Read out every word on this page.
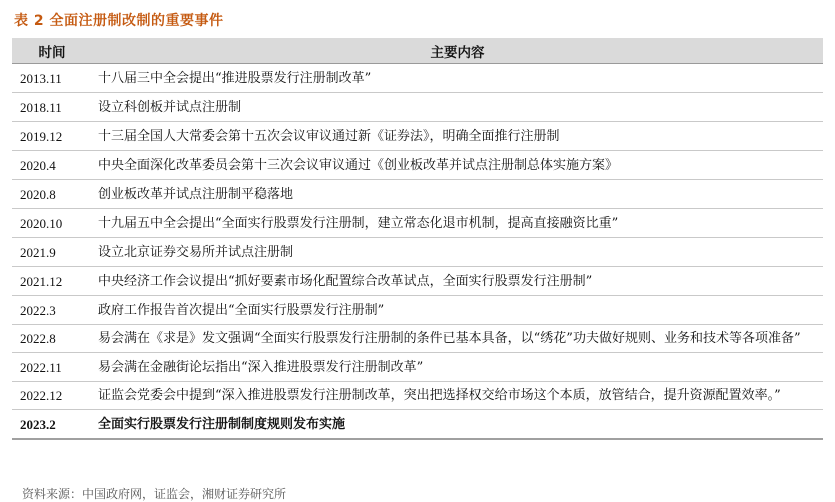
表 2 全面注册制改制的重要事件
时间	主要内容
2013.11	十八届三中全会提出“推进股票发行注册制改革”
2018.11	设立科创板并试点注册制
2019.12	十三届全国人大常委会第十五次会议审议通过新《证券法》，明确全面推行注册制
2020.4	中央全面深化改革委员会第十三次会议审议通过《创业板改革并试点注册制总体实施方案》
2020.8	创业板改革并试点注册制平稳落地
2020.10	十九届五中全会提出“全面实行股票发行注册制，建立常态化退市机制，提高直接融资比重”
2021.9	设立北京证券交易所并试点注册制
2021.12	中央经济工作会议提出“抓好要素市场化配置综合改革试点，全面实行股票发行注册制”
2022.3	政府工作报告首次提出“全面实行股票发行注册制”
2022.8	易会满在《求是》发文强调“全面实行股票发行注册制的条件已基本具备，以“绣花”功夫做好规则、业务和技术等各项准备”
2022.11	易会满在金融街论坛指出“深入推进股票发行注册制改革”
2022.12	证监会党委会中提到“深入推进股票发行注册制改革，突出把选择权交给市场这个本质，放管结合，提升资源配置效率。”
2023.2	全面实行股票发行注册制制度规则发布实施
资料来源：中国政府网，证监会，湘财证券研究所
